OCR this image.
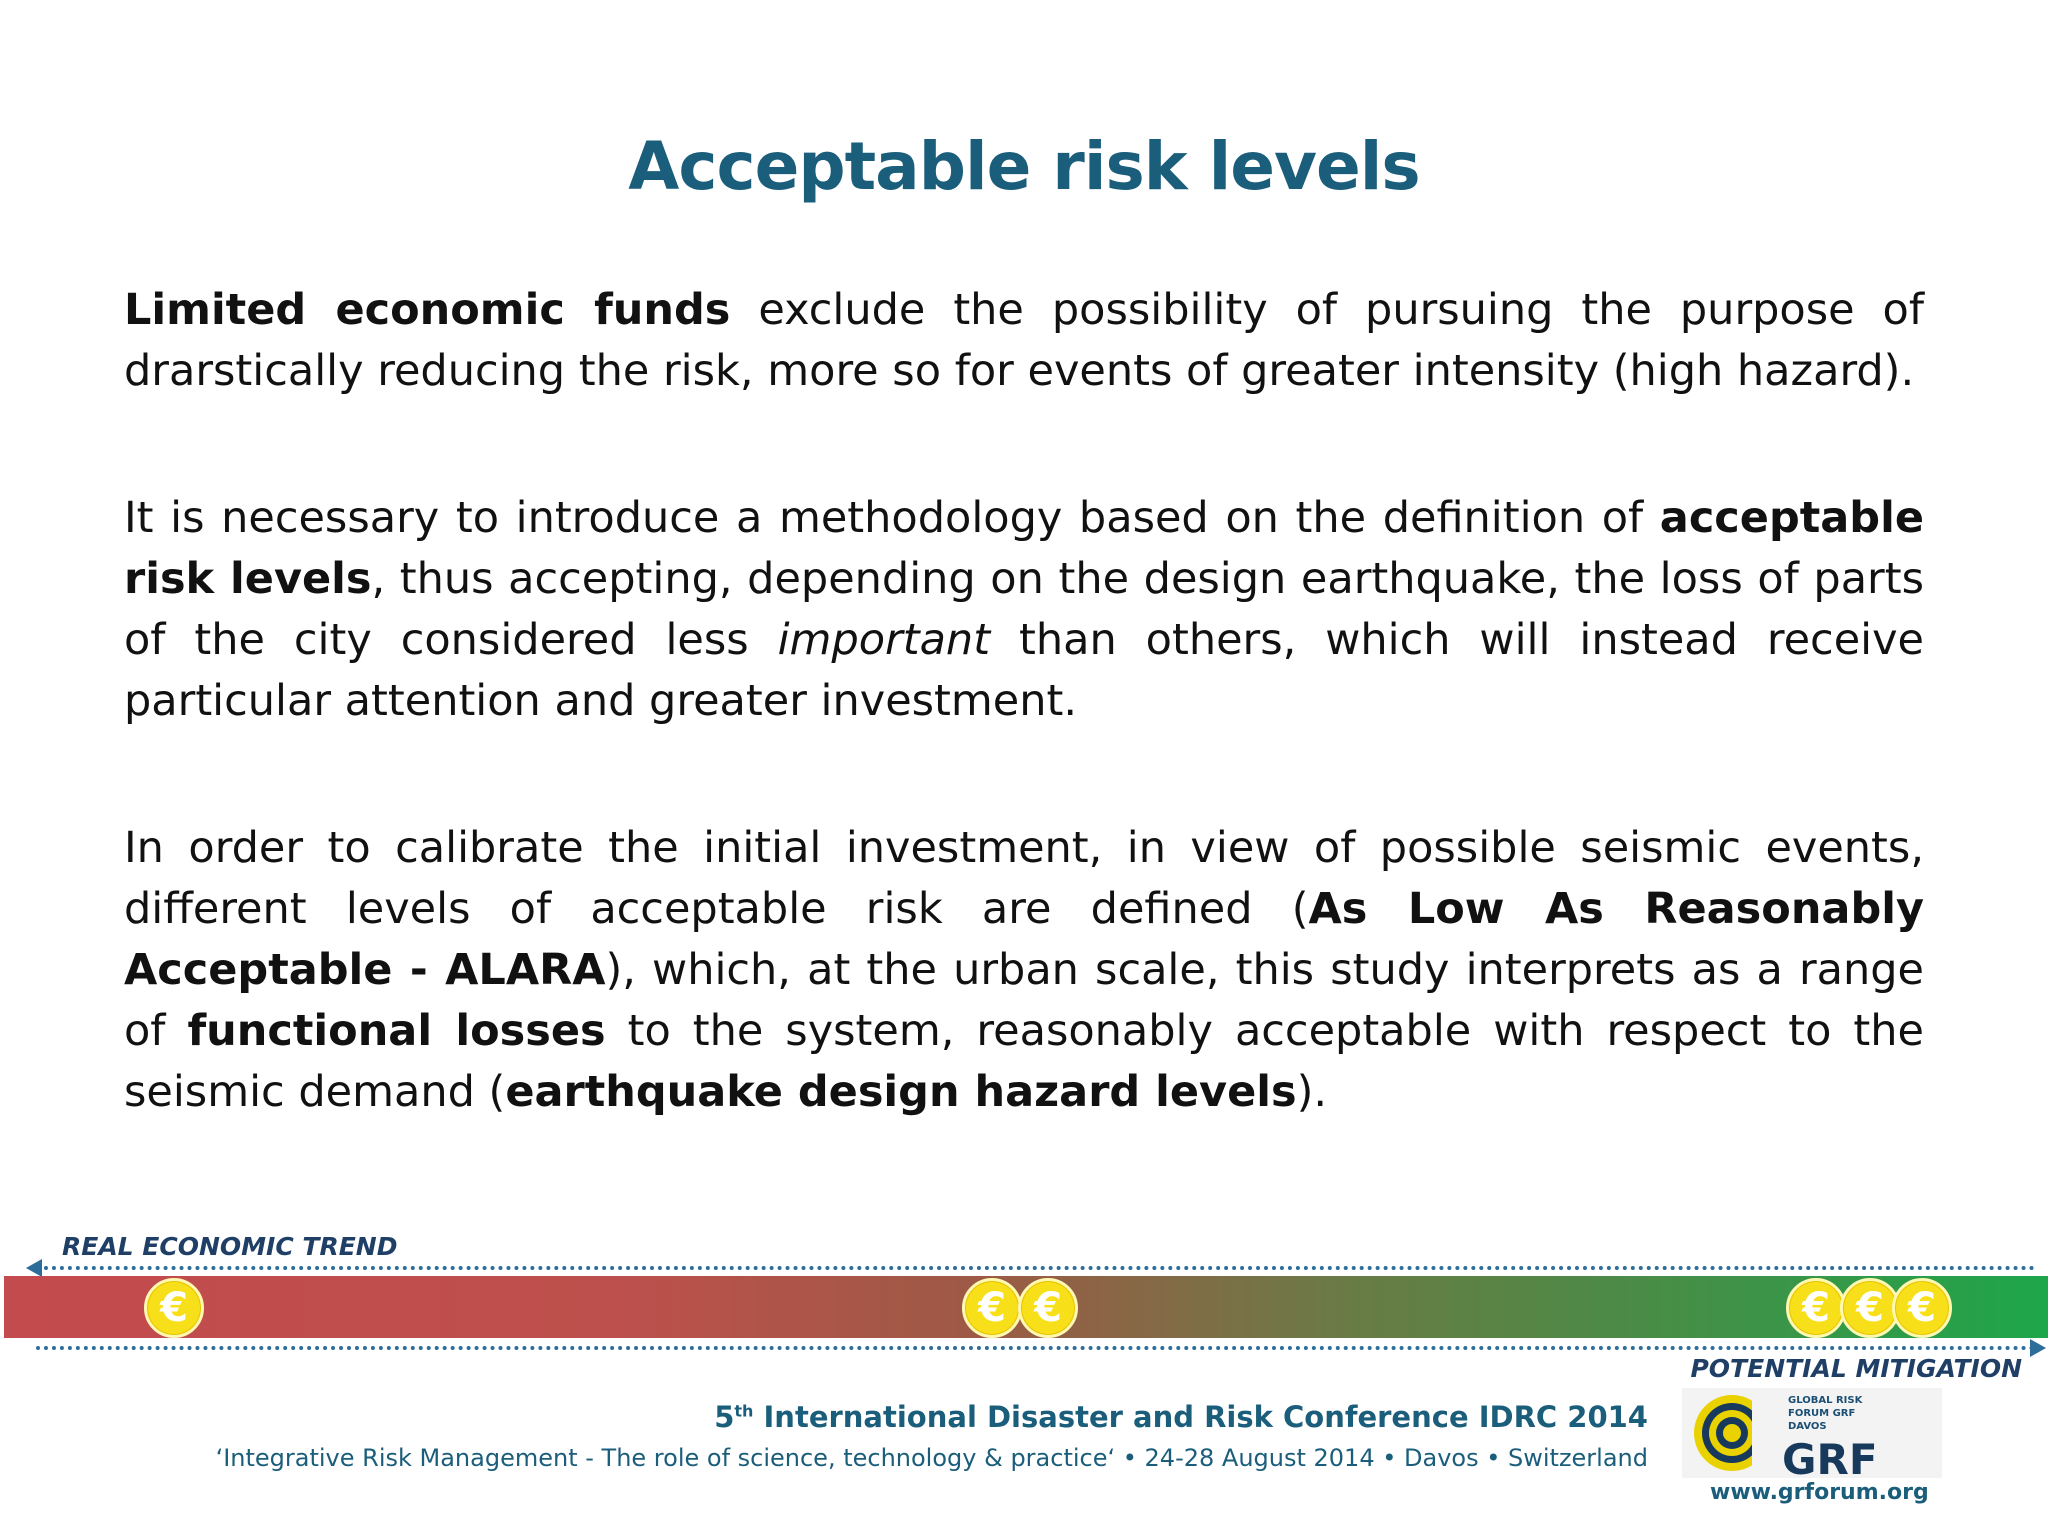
Acceptable risk levels

Limited economic funds exclude the possibility of pursuing the purpose of drarstically reducing the risk, more so for events of greater intensity (high hazard).

It is necessary to introduce a methodology based on the definition of acceptable risk levels, thus accepting, depending on the design earthquake, the loss of parts of the city considered less important than others, which will instead receive particular attention and greater investment.

In order to calibrate the initial investment, in view of possible seismic events, different levels of acceptable risk are defined (As Low As Reasonably Acceptable - ALARA), which, at the urban scale, this study interprets as a range of functional losses to the system, reasonably acceptable with respect to the seismic demand (earthquake design hazard levels).

REAL ECONOMIC TREND
€	€ €	€ € €
POTENTIAL MITIGATION
5th International Disaster and Risk Conference IDRC 2014
‘Integrative Risk Management - The role of science, technology & practice‘ • 24-28 August 2014 • Davos • Switzerland
GLOBAL RISK FORUM GRF DAVOS
GRF
www.grforum.org
